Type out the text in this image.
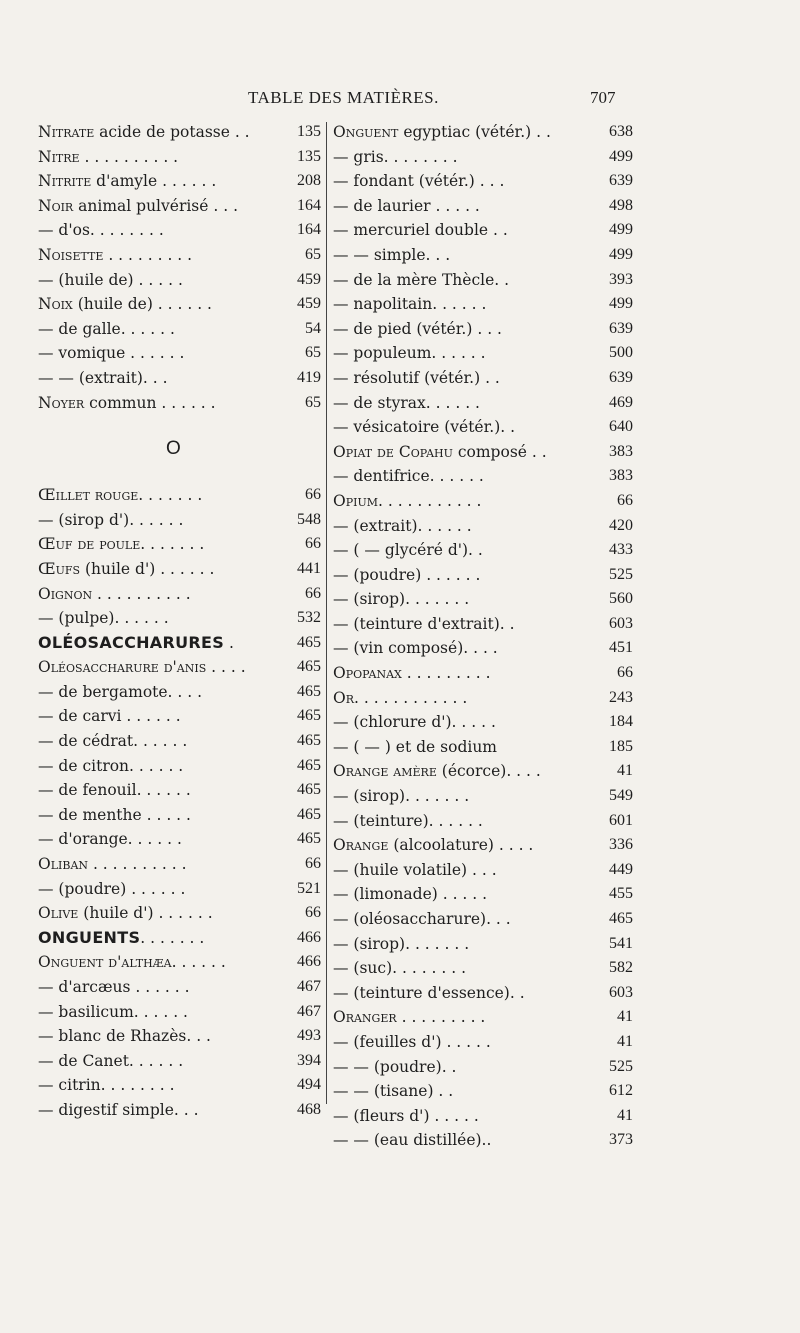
TABLE DES MATIÈRES.	707
Nitrate acide de potasse . .	135
Nitre . . . . . . . . . .	135
Nitrite d'amyle . . . . . .	208
Noir animal pulvérisé . . .	164
— d'os. . . . . . . .	164
Noisette . . . . . . . . .	65
— (huile de) . . . . .	459
Noix (huile de) . . . . . .	459
— de galle. . . . . .	54
— vomique . . . . . .	65
— — (extrait). . .	419
Noyer commun . . . . . .	65
O
Œillet rouge. . . . . . .	66
— (sirop d'). . . . . .	548
Œuf de poule. . . . . . .	66
Œufs (huile d') . . . . . .	441
Oignon . . . . . . . . . .	66
— (pulpe). . . . . .	532
OLÉOSACCHARURES .	465
Oléosaccharure d'anis . . . .	465
— de bergamote. . . .	465
— de carvi . . . . . .	465
— de cédrat. . . . . .	465
— de citron. . . . . .	465
— de fenouil. . . . . .	465
— de menthe . . . . .	465
— d'orange. . . . . .	465
Oliban . . . . . . . . . .	66
— (poudre) . . . . . .	521
Olive (huile d') . . . . . .	66
ONGUENTS. . . . . . .	466
Onguent d'althæa. . . . . .	466
— d'arcæus . . . . . .	467
— basilicum. . . . . .	467
— blanc de Rhazès. . .	493
— de Canet. . . . . .	394
— citrin. . . . . . . .	494
— digestif simple. . .	468
Onguent egyptiac (vétér.) . .	638
— gris. . . . . . . .	499
— fondant (vétér.) . . .	639
— de laurier . . . . .	498
— mercuriel double . .	499
— — simple. . .	499
— de la mère Thècle. .	393
— napolitain. . . . . .	499
— de pied (vétér.) . . .	639
— populeum. . . . . .	500
— résolutif (vétér.) . .	639
— de styrax. . . . . .	469
— vésicatoire (vétér.). .	640
Opiat de Copahu composé . .	383
— dentifrice. . . . . .	383
Opium. . . . . . . . . . .	66
— (extrait). . . . . .	420
— ( — glycéré d'). .	433
— (poudre) . . . . . .	525
— (sirop). . . . . . .	560
— (teinture d'extrait). .	603
— (vin composé). . . .	451
Opopanax . . . . . . . . .	66
Or. . . . . . . . . . . .	243
— (chlorure d'). . . . .	184
— ( — ) et de sodium	185
Orange amère (écorce). . . .	41
— (sirop). . . . . . .	549
— (teinture). . . . . .	601
Orange (alcoolature) . . . .	336
— (huile volatile) . . .	449
— (limonade) . . . . .	455
— (oléosaccharure). . .	465
— (sirop). . . . . . .	541
— (suc). . . . . . . .	582
— (teinture d'essence). .	603
Oranger . . . . . . . . .	41
— (feuilles d') . . . . .	41
— — (poudre). .	525
— — (tisane) . .	612
— (fleurs d') . . . . .	41
— — (eau distillée)..	373
